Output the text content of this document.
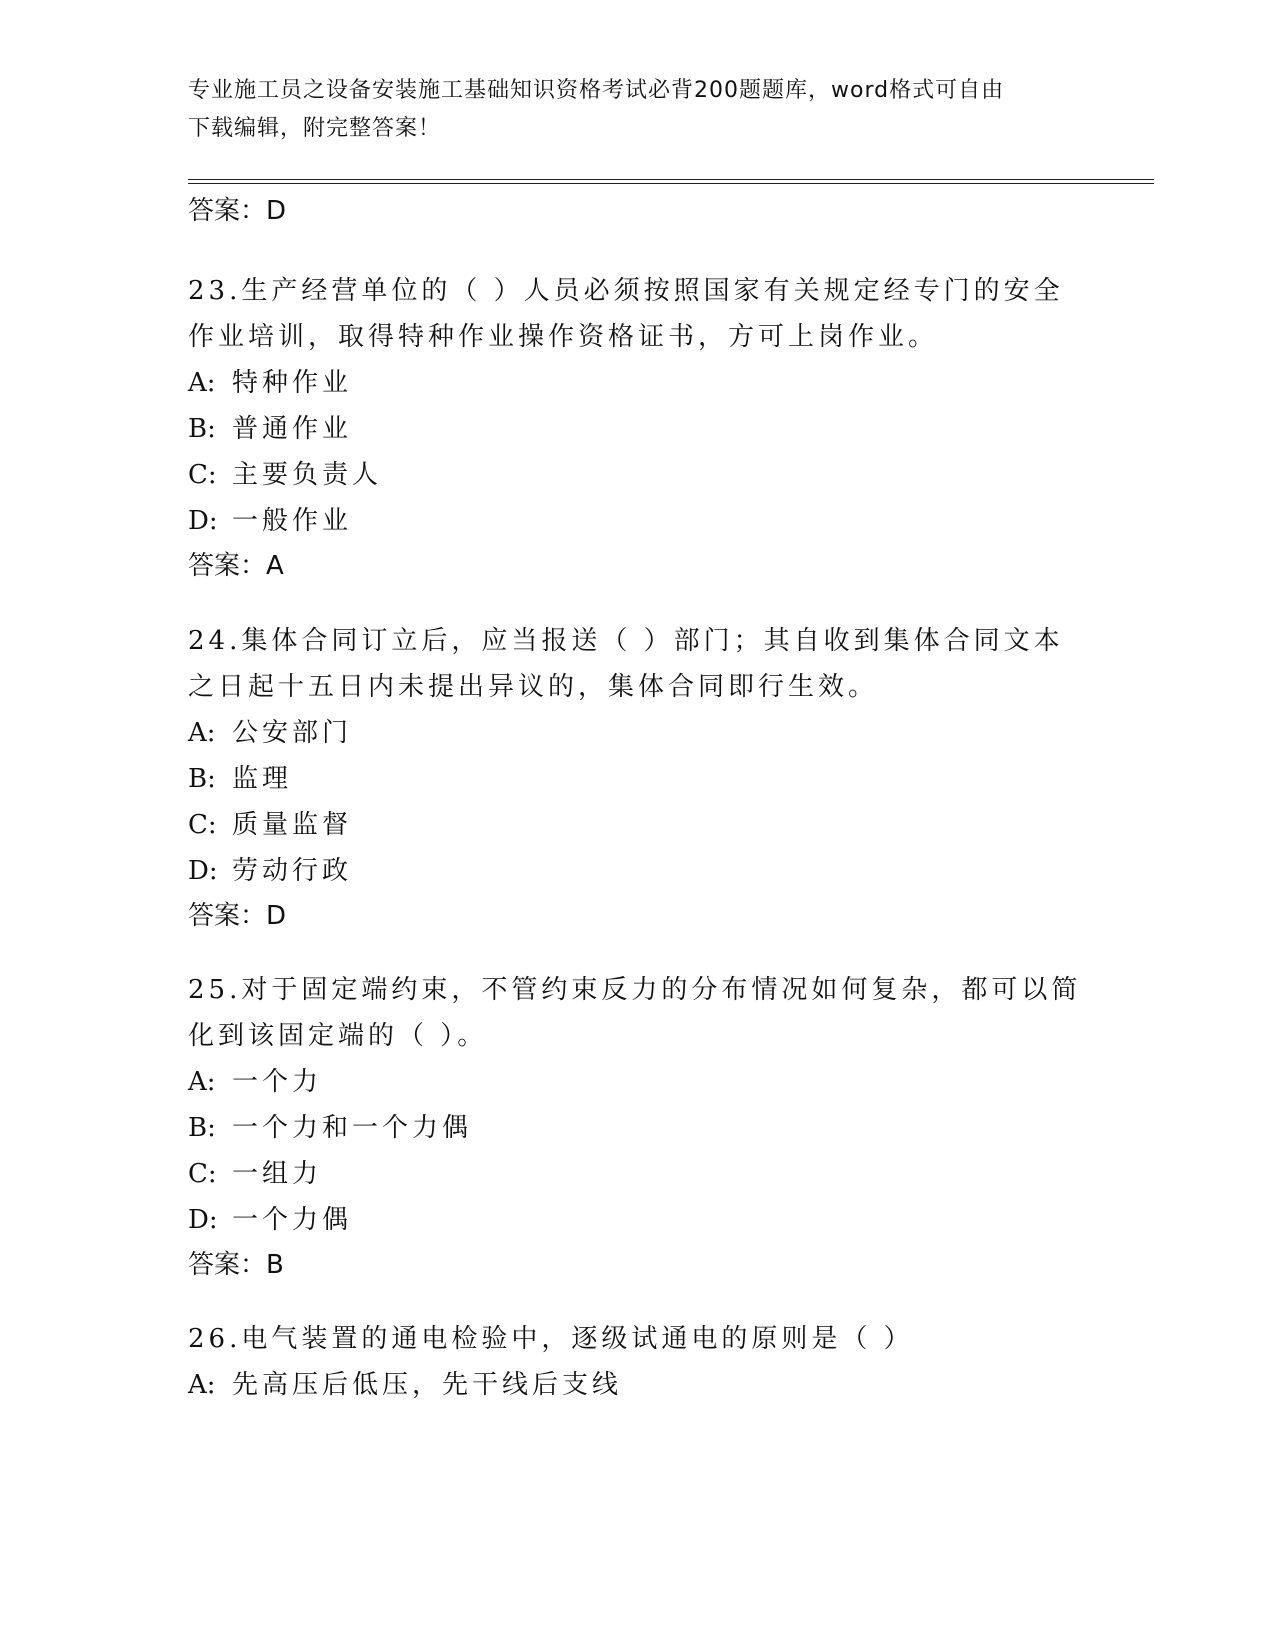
专业施工员之设备安装施工基础知识资格考试必背200题题库，word格式可自由
下载编辑，附完整答案！
答案：D

23.生产经营单位的（ ）人员必须按照国家有关规定经专门的安全作业培训，取得特种作业操作资格证书，方可上岗作业。

A: 特种作业
B: 普通作业
C: 主要负责人
D: 一般作业
答案：A

24.集体合同订立后，应当报送（ ）部门；其自收到集体合同文本之日起十五日内未提出异议的，集体合同即行生效。

A: 公安部门
B: 监理
C: 质量监督
D: 劳动行政
答案：D

25.对于固定端约束，不管约束反力的分布情况如何复杂，都可以简化到该固定端的（ ）。

A: 一个力
B: 一个力和一个力偶
C: 一组力
D: 一个力偶
答案：B

26.电气装置的通电检验中，逐级试通电的原则是（ ）

A: 先高压后低压，先干线后支线
